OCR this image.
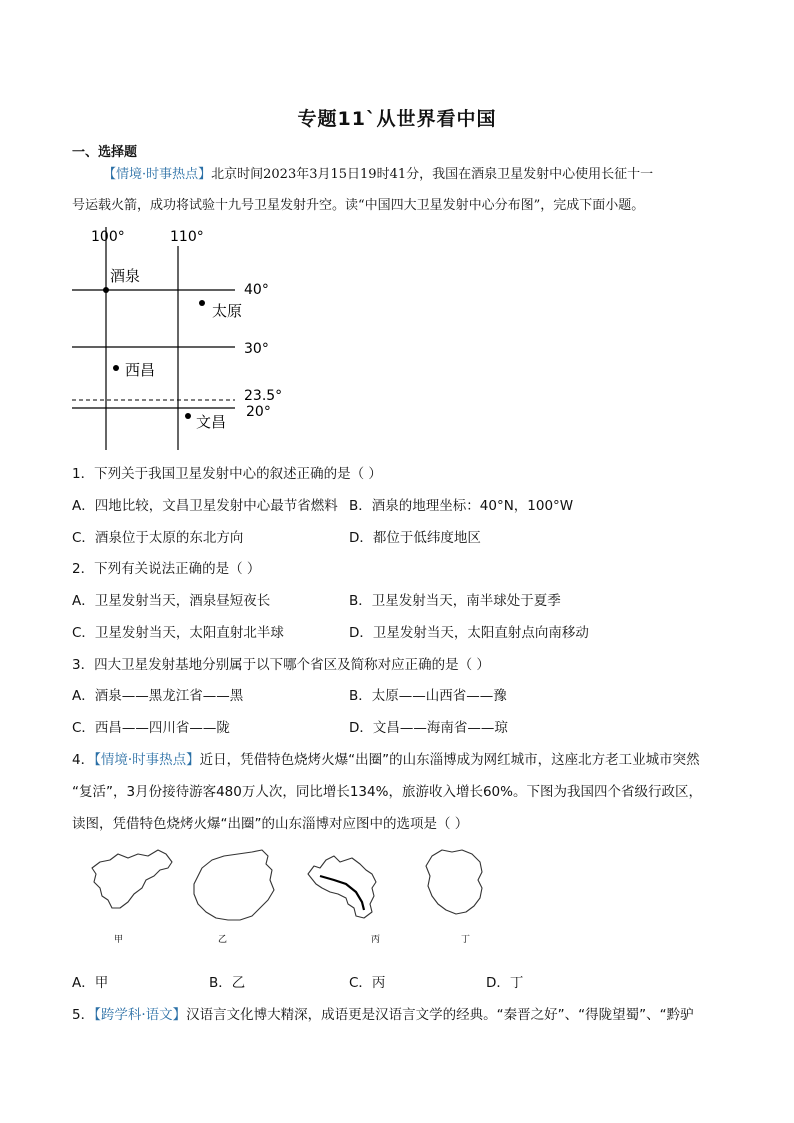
专题11`从世界看中国
一、选择题
【情境·时事热点】北京时间2023年3月15日19时41分，我国在酒泉卫星发射中心使用长征十一
号运载火箭，成功将试验十九号卫星发射升空。读“中国四大卫星发射中心分布图”，完成下面小题。
100°	110°
40°
30°
23.5°
20°
酒泉
太原
西昌
文昌
1．下列关于我国卫星发射中心的叙述正确的是（ ）
A．四地比较，文昌卫星发射中心最节省燃料 B．酒泉的地理坐标：40°N，100°W
C．酒泉位于太原的东北方向	D．都位于低纬度地区
2．下列有关说法正确的是（ ）
A．卫星发射当天，酒泉昼短夜长	B．卫星发射当天，南半球处于夏季
C．卫星发射当天，太阳直射北半球	D．卫星发射当天，太阳直射点向南移动
3．四大卫星发射基地分别属于以下哪个省区及简称对应正确的是（ ）
A．酒泉——黑龙江省——黑	B．太原——山西省——豫
C．西昌——四川省——陇	D．文昌——海南省——琼
4．【情境·时事热点】近日，凭借特色烧烤火爆“出圈”的山东淄博成为网红城市，这座北方老工业城市突然
“复活”，3月份接待游客480万人次，同比增长134%，旅游收入增长60%。下图为我国四个省级行政区，
读图，凭借特色烧烤火爆“出圈”的山东淄博对应图中的选项是（ ）
甲	乙	丙	丁
A．甲	B．乙	C．丙	D．丁
5．【跨学科·语文】汉语言文化博大精深，成语更是汉语言文学的经典。“秦晋之好”、“得陇望蜀”、“黔驴
